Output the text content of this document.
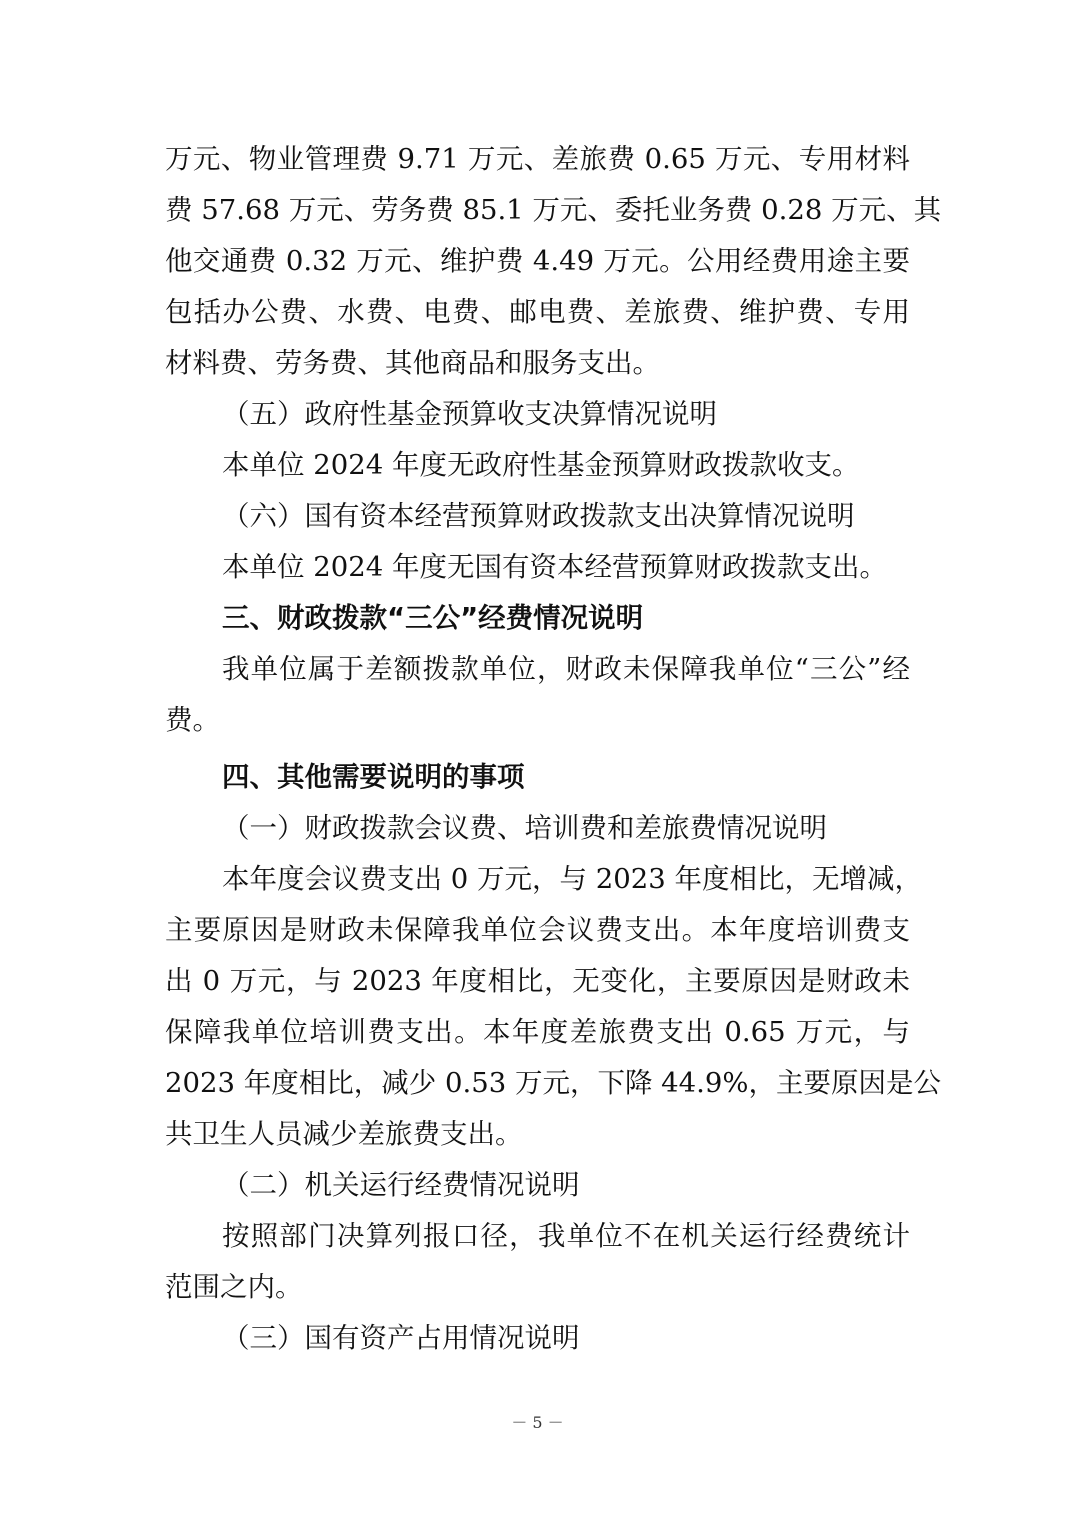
万元、物业管理费 9.71 万元、差旅费 0.65 万元、专用材料
费 57.68 万元、劳务费 85.1 万元、委托业务费 0.28 万元、其
他交通费 0.32 万元、维护费 4.49 万元。公用经费用途主要
包括办公费、水费、电费、邮电费、差旅费、维护费、专用
材料费、劳务费、其他商品和服务支出。
（五）政府性基金预算收支决算情况说明
本单位 2024 年度无政府性基金预算财政拨款收支。
（六）国有资本经营预算财政拨款支出决算情况说明
本单位 2024 年度无国有资本经营预算财政拨款支出。
三、财政拨款“三公”经费情况说明
我单位属于差额拨款单位，财政未保障我单位“三公”经
费。
四、其他需要说明的事项
（一）财政拨款会议费、培训费和差旅费情况说明
本年度会议费支出 0 万元，与 2023 年度相比，无增减，
主要原因是财政未保障我单位会议费支出。本年度培训费支
出 0 万元，与 2023 年度相比，无变化，主要原因是财政未
保障我单位培训费支出。本年度差旅费支出 0.65 万元，与
2023 年度相比，减少 0.53 万元，下降 44.9%，主要原因是公
共卫生人员减少差旅费支出。
（二）机关运行经费情况说明
按照部门决算列报口径，我单位不在机关运行经费统计
范围之内。
（三）国有资产占用情况说明
－ 5 －
